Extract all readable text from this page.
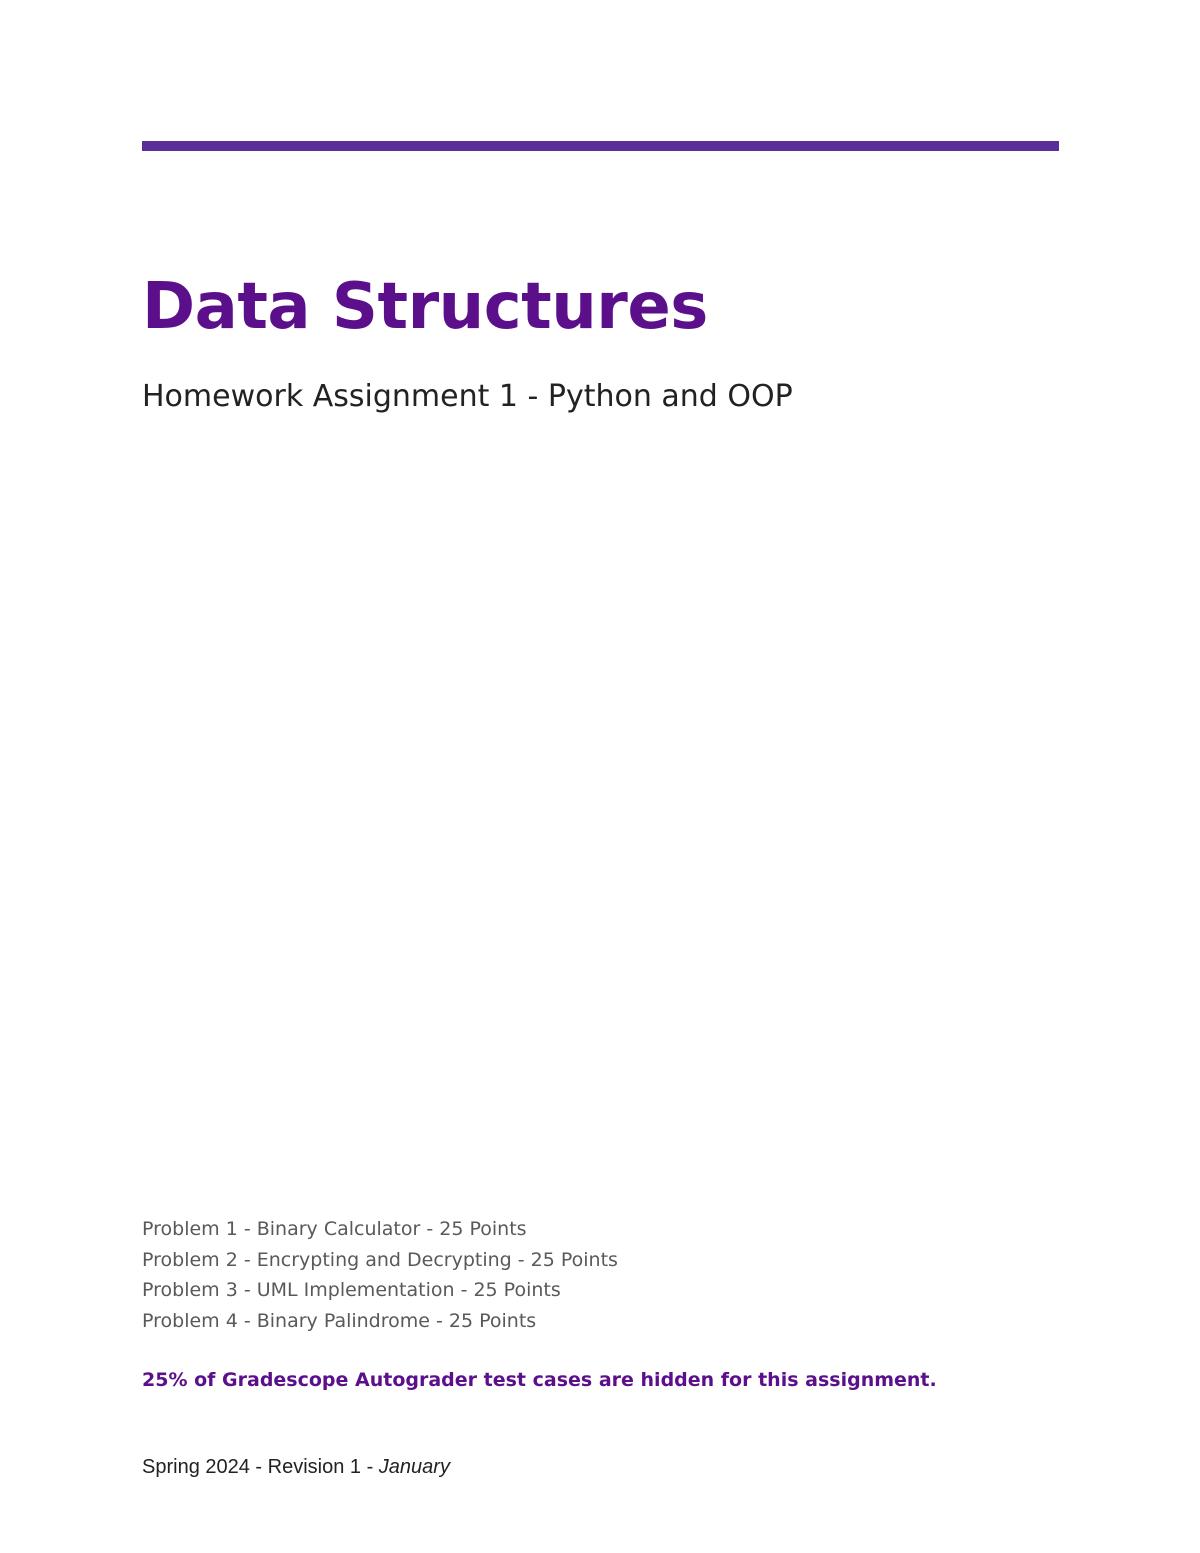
Data Structures
Homework Assignment 1 - Python and OOP
Problem 1 - Binary Calculator - 25 Points
Problem 2 - Encrypting and Decrypting - 25 Points
Problem 3 - UML Implementation - 25 Points
Problem 4 - Binary Palindrome - 25 Points

25% of Gradescope Autograder test cases are hidden for this assignment.

Spring 2024 - Revision 1 - January
